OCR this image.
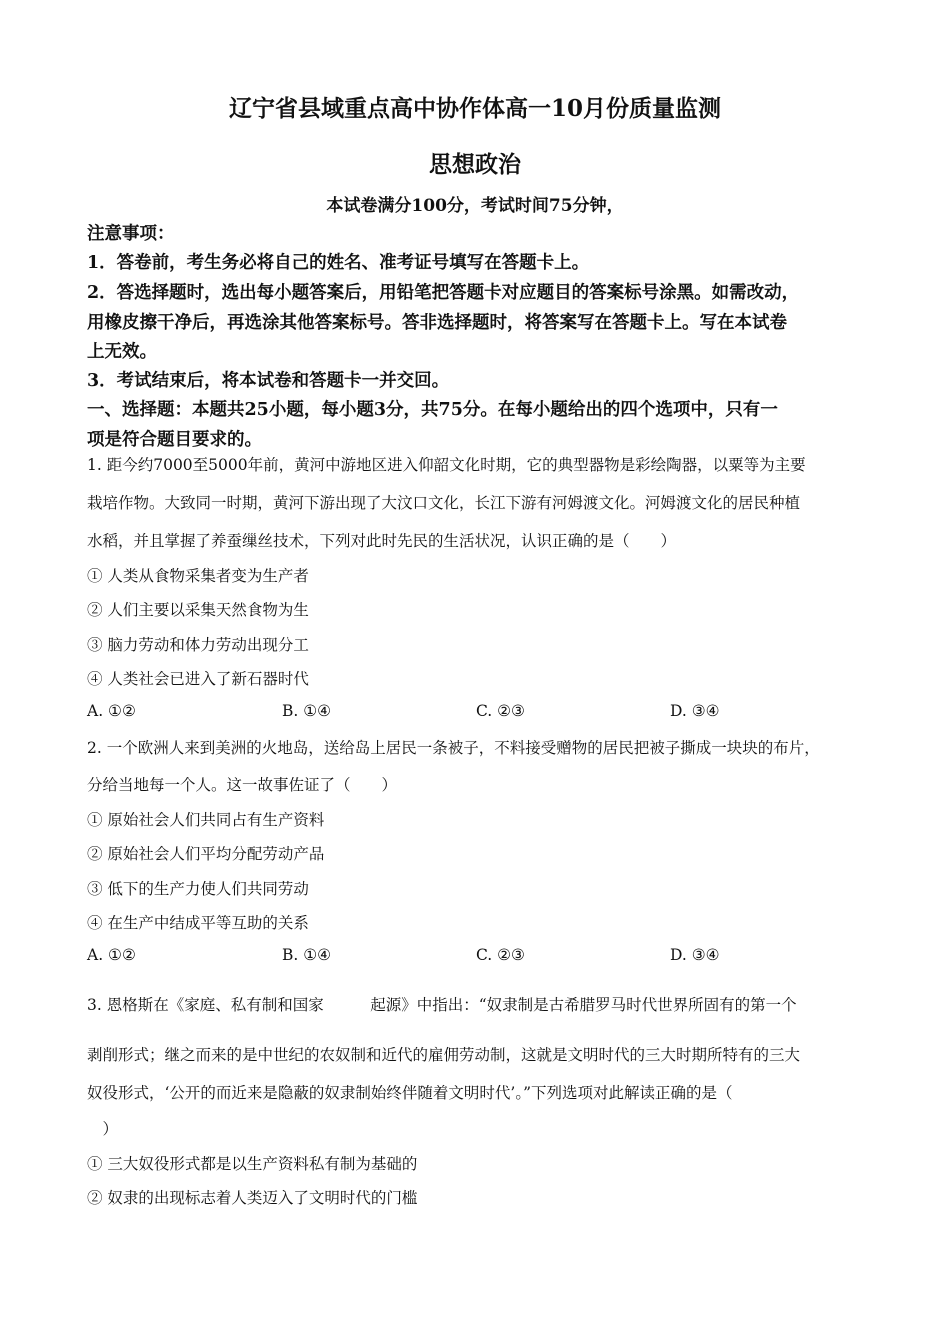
辽宁省县域重点高中协作体高一10月份质量监测
思想政治
本试卷满分100分，考试时间75分钟，
注意事项：
1．答卷前，考生务必将自己的姓名、准考证号填写在答题卡上。
2．答选择题时，选出每小题答案后，用铅笔把答题卡对应题目的答案标号涂黑。如需改动，
用橡皮擦干净后，再选涂其他答案标号。答非选择题时，将答案写在答题卡上。写在本试卷
上无效。
3．考试结束后，将本试卷和答题卡一并交回。
一、选择题：本题共25小题，每小题3分，共75分。在每小题给出的四个选项中，只有一
项是符合题目要求的。
1. 距今约7000至5000年前，黄河中游地区进入仰韶文化时期，它的典型器物是彩绘陶器，以粟等为主要
栽培作物。大致同一时期，黄河下游出现了大汶口文化，长江下游有河姆渡文化。河姆渡文化的居民种植
水稻，并且掌握了养蚕缫丝技术，下列对此时先民的生活状况，认识正确的是（　　）
① 人类从食物采集者变为生产者
② 人们主要以采集天然食物为生
③ 脑力劳动和体力劳动出现分工
④ 人类社会已进入了新石器时代
A. ①②	B. ①④	C. ②③	D. ③④
2. 一个欧洲人来到美洲的火地岛，送给岛上居民一条被子，不料接受赠物的居民把被子撕成一块块的布片，
分给当地每一个人。这一故事佐证了（　　）
① 原始社会人们共同占有生产资料
② 原始社会人们平均分配劳动产品
③ 低下的生产力使人们共同劳动
④ 在生产中结成平等互助的关系
A. ①②	B. ①④	C. ②③	D. ③④
3. 恩格斯在《家庭、私有制和国家　　　起源》中指出：“奴隶制是古希腊罗马时代世界所固有的第一个
剥削形式；继之而来的是中世纪的农奴制和近代的雇佣劳动制，这就是文明时代的三大时期所特有的三大
奴役形式，‘公开的而近来是隐蔽的奴隶制始终伴随着文明时代’。”下列选项对此解读正确的是（
　）
① 三大奴役形式都是以生产资料私有制为基础的
② 奴隶的出现标志着人类迈入了文明时代的门槛
